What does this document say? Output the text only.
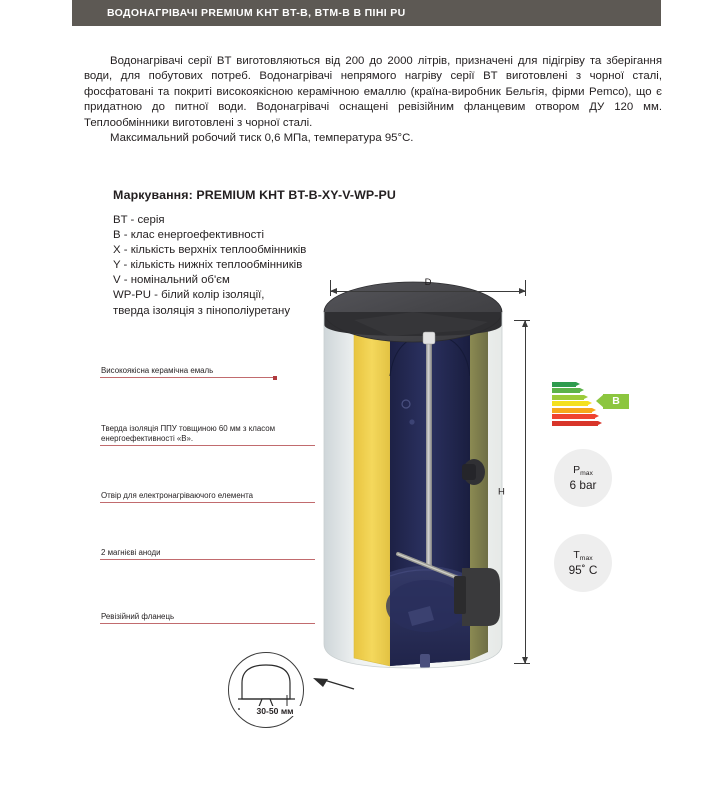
ВОДОНАГРІВАЧІ PREMIUM KHT BT-B, BTM-B В ПІНІ PU

Водонагрівачі серії BT виготовляються від 200 до 2000 літрів, призначені для підігріву та зберігання води, для побутових потреб. Водонагрівачі непрямого нагріву серії BT виготовлені з чорної сталі, фосфатовані та покриті високоякісною керамічною емаллю (країна-виробник Бельгія, фірми Pemco), що є придатною до питної води. Водонагрівачі оснащені ревізійним фланцевим отвором ДУ 120 мм. Теплообмінники виготовлені з чорної сталі.

Максимальний робочий тиск 0,6 МПа, температура 95°C.

Маркування: PREMIUM KHT BT-B-XY-V-WP-PU
BT - серія
B - клас енергоефективності
X - кількість верхніх теплообмінників
Y - кількість нижніх теплообмінників
V - номінальний об'єм
WP-PU - білий колір ізоляції,
тверда ізоляція з пінополіуретану
D
H
Високоякісна керамічна емаль
Тверда ізоляція ППУ товщиною 60 мм з класом енергоефективності «B».
Отвір для електронагріваючого елемента
2 магнієві аноди
Ревізійний фланець
B
$P_{max}$
6 bar
$T_{max}$
95˚ C
30-50 мм
